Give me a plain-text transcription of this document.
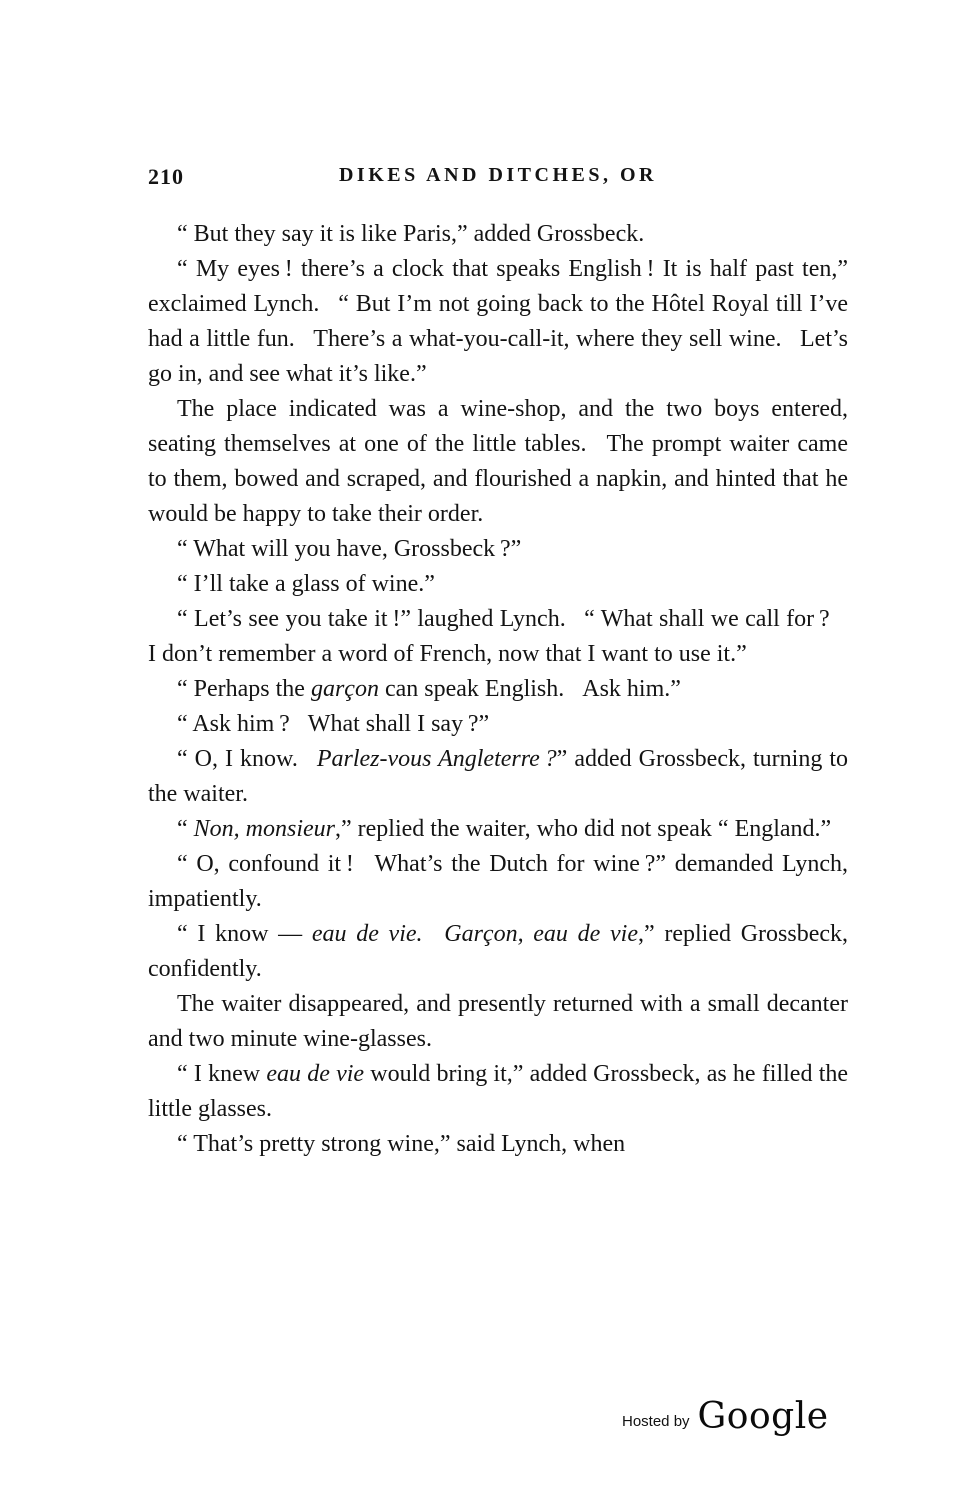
210	DIKES AND DITCHES, OR

“ But they say it is like Paris,” added Grossbeck.

“ My eyes ! there’s a clock that speaks English ! It is half past ten,” exclaimed Lynch.  “ But I’m not going back to the Hôtel Royal till I’ve had a little fun.  There’s a what-you-call-it, where they sell wine.  Let’s go in, and see what it’s like.”

The place indicated was a wine-shop, and the two boys entered, seating themselves at one of the little tables.  The prompt waiter came to them, bowed and scraped, and flourished a napkin, and hinted that he would be happy to take their order.

“ What will you have, Grossbeck ?”

“ I’ll take a glass of wine.”

“ Let’s see you take it !” laughed Lynch.  “ What shall we call for ?  I don’t remember a word of French, now that I want to use it.”

“ Perhaps the garçon can speak English.  Ask him.”

“ Ask him ?  What shall I say ?”

“ O, I know.  Parlez-vous Angleterre ?” added Grossbeck, turning to the waiter.

“ Non, monsieur,” replied the waiter, who did not speak “ England.”

“ O, confound it !  What’s the Dutch for wine ?” demanded Lynch, impatiently.

“ I know — eau de vie.  Garçon, eau de vie,” replied Grossbeck, confidently.

The waiter disappeared, and presently returned with a small decanter and two minute wine-glasses.

“ I knew eau de vie would bring it,” added Grossbeck, as he filled the little glasses.

“ That’s pretty strong wine,” said Lynch, when

Hosted by Google
